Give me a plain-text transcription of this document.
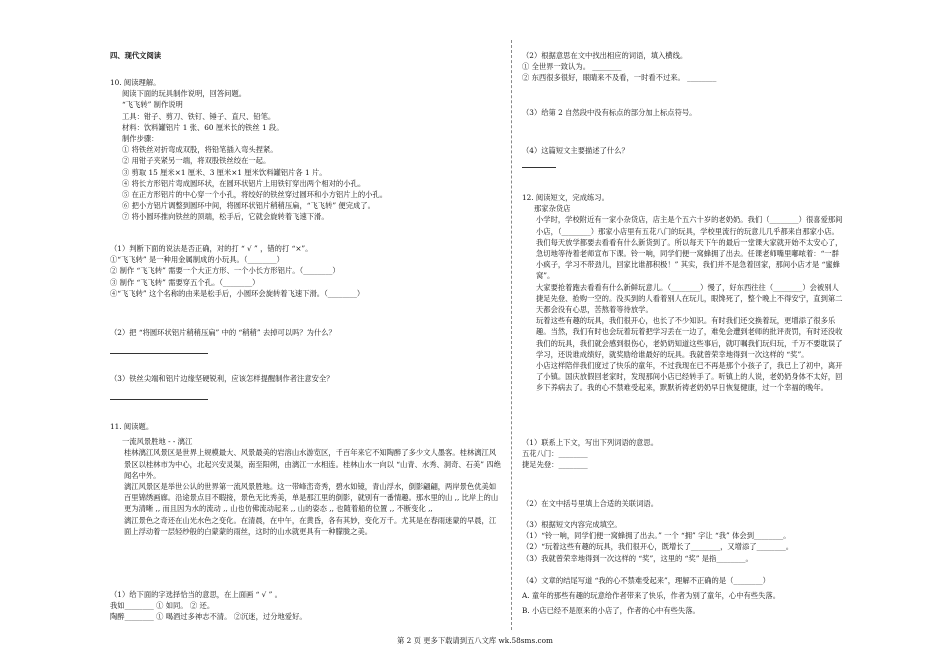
四、现代文阅读

10. 阅读理解。

阅读下面的玩具制作说明，回答问题。

“飞飞转” 制作说明

工具：钳子、剪刀、铁钉、锤子、直尺、铅笔。

材料：饮料罐铝片 1 张、60 厘米长的铁丝 1 段。

制作步骤：

① 将铁丝对折弯成双股，将铅笔插入弯头捏紧。

② 用钳子夹紧另一端，将双股铁丝绞在一起。

③ 剪取 15 厘米×1 厘米、3 厘米×1 厘米饮料罐铝片各 1 片。

④ 将长方形铝片弯成圆环状，在圆环状铝片上用铁钉穿出两个相对的小孔。

⑤ 在正方形铝片的中心穿一个小孔，将绞好的铁丝穿过圆环和小方铝片上的小孔。

⑥ 把小方铝片调整到圆环中间，将圆环状铝片稍稍压扁，“飞飞转” 便完成了。

⑦ 将小圆环推向铁丝的顶端，松手后，它就会旋转着飞速下滑。

（1）判断下面的说法是否正确，对的打 “ √ ” ，错的打 “×”。

①“飞飞转” 是一种用金属制成的小玩具。（________）

② 制作 “飞飞转” 需要一个大正方形、一个小长方形铝片。（________）

③ 制作 “飞飞转” 需要穿五个孔。（________）

④“飞飞转” 这个名称的由来是松手后，小圆环会旋转着飞速下滑。（________）

（2）把 “将圆环状铝片稍稍压扁” 中的 “稍稍” 去掉可以吗？为什么？

（3）铁丝尖端和铝片边缘坚硬锐利，应该怎样提醒制作者注意安全？

11. 阅读题。

一流风景胜地 - - 漓江

桂林漓江风景区是世界上规模最大、风景最美的岩溶山水游览区，千百年来它不知陶醉了多少文人墨客。桂林漓江风景区以桂林市为中心，北起兴安灵渠，南至阳朔，由漓江一水相连。桂林山水一向以 “山青、水秀、洞奇、石美” 四绝闻名中外。

漓江风景区是举世公认的世界第一流风景胜地。这一带峰峦奇秀，碧水如镜，青山浮水，倒影翩翩，两岸景色优美如百里锦绣画廊。沿途景点目不暇接，景色无比秀美，单是那江里的倒影，就别有一番情趣。那水里的山 ,, 比岸上的山更为清晰 ,, 而且因为水的流动 ,, 山也仿佛流动起来 ,, 山的姿态 ,, 也随着船的位置 ,, 不断变化 ,,

漓江景色之奇还在山光水色之变化。在清晨，在中午，在黄昏，各有其妙，变化万千。尤其是在春雨迷蒙的早晨，江面上浮动着一层轻纱般的白蒙蒙的雨丝，这时的山水就更具有一种朦胧之美。

（1）给下面的字选择恰当的意思，在上面画 “ √ ” 。

我如________ ① 如同。 ② 还。

陶醉________ ① 喝酒过多神志不清。 ②沉迷，过分地爱好。

（2）根据意思在文中找出相应的词语，填入横线。

① 全世界一致认为。 ________

② 东西很多很好，眼睛来不及看，一时看不过来。 ________

（3）给第 2 自然段中没有标点的部分加上标点符号。

（4）这篇短文主要描述了什么？

12. 阅读短文，完成练习。

那家杂货店

小学时，学校附近有一家小杂货店，店主是个五六十岁的老奶奶。我们（________）很喜爱那间小店，（________）那家小店里有五花八门的玩具，学校里流行的玩意儿几乎都来自那家小店。

我们每天放学都要去看看有什么新货到了。所以每天下午的最后一堂课大家就开始不太安心了，急切地等待着老师宣布下课。铃一响，同学们便一窝蜂拥了出去。任课老师嘴里嘟哝着：“一群小疯子，学习不带劲儿，回家比谁都积极！” 其实，我们并不是急着回家，那间小店才是 “蜜蜂窝”。

大家要抢着跑去看看有什么新鲜玩意儿。（________）慢了，好东西往往（________）会被别人捷足先登、抢购一空的。没买到的人看着别人在玩儿，眼馋死了，整个晚上不得安宁，直到第二天都会没有心思，苦熬着等待放学。

玩着这些有趣的玩具，我们很开心，也长了不少知识。有时我们还交换着玩，更增添了很多乐趣。当然，我们有时也会玩着玩着把学习丢在一边了，难免会遭到老师的批评责罚，有时还没收我们的玩具，我们就会感到很伤心，老奶奶知道这些事后，就叮嘱我们玩归玩，千万不要耽误了学习，还说谁成绩好，就奖励给谁最好的玩具。我就曾荣幸地得到一次这样的 “奖”。

小店这样陪伴我们度过了快乐的童年，不过我现在已不再是那个小孩子了，我已上了初中，离开了小镇。国庆放假回老家时，发现那间小店已经转手了。听镇上的人说，老奶奶身体不太好，回乡下养病去了。我的心不禁难受起来，默默祈祷老奶奶早日恢复健康，过一个幸福的晚年。

（1）联系上下文，写出下列词语的意思。

五花八门：________

捷足先登：________

（2）在文中括号里填上合适的关联词语。

（3）根据短文内容完成填空。

（1）“铃一响，同学们便一窝蜂拥了出去。” 一个 “拥” 字让 “我” 体会到________。

（2）“玩着这些有趣的玩具，我们很开心，既增长了________，又增添了________。

（3）我就曾荣幸地得到一次这样的 “奖”，这里的 “奖” 是指________。

（4）文章的结尾写道 “我的心不禁难受起来”，理解不正确的是（________）

A. 童年的那些有趣的玩意给作者带来了快乐，作者为别了童年，心中有些失落。

B. 小店已经不是原来的小店了，作者的心中有些失落。

第 2 页 更多下载请到五八文库 wk.58sms.com
